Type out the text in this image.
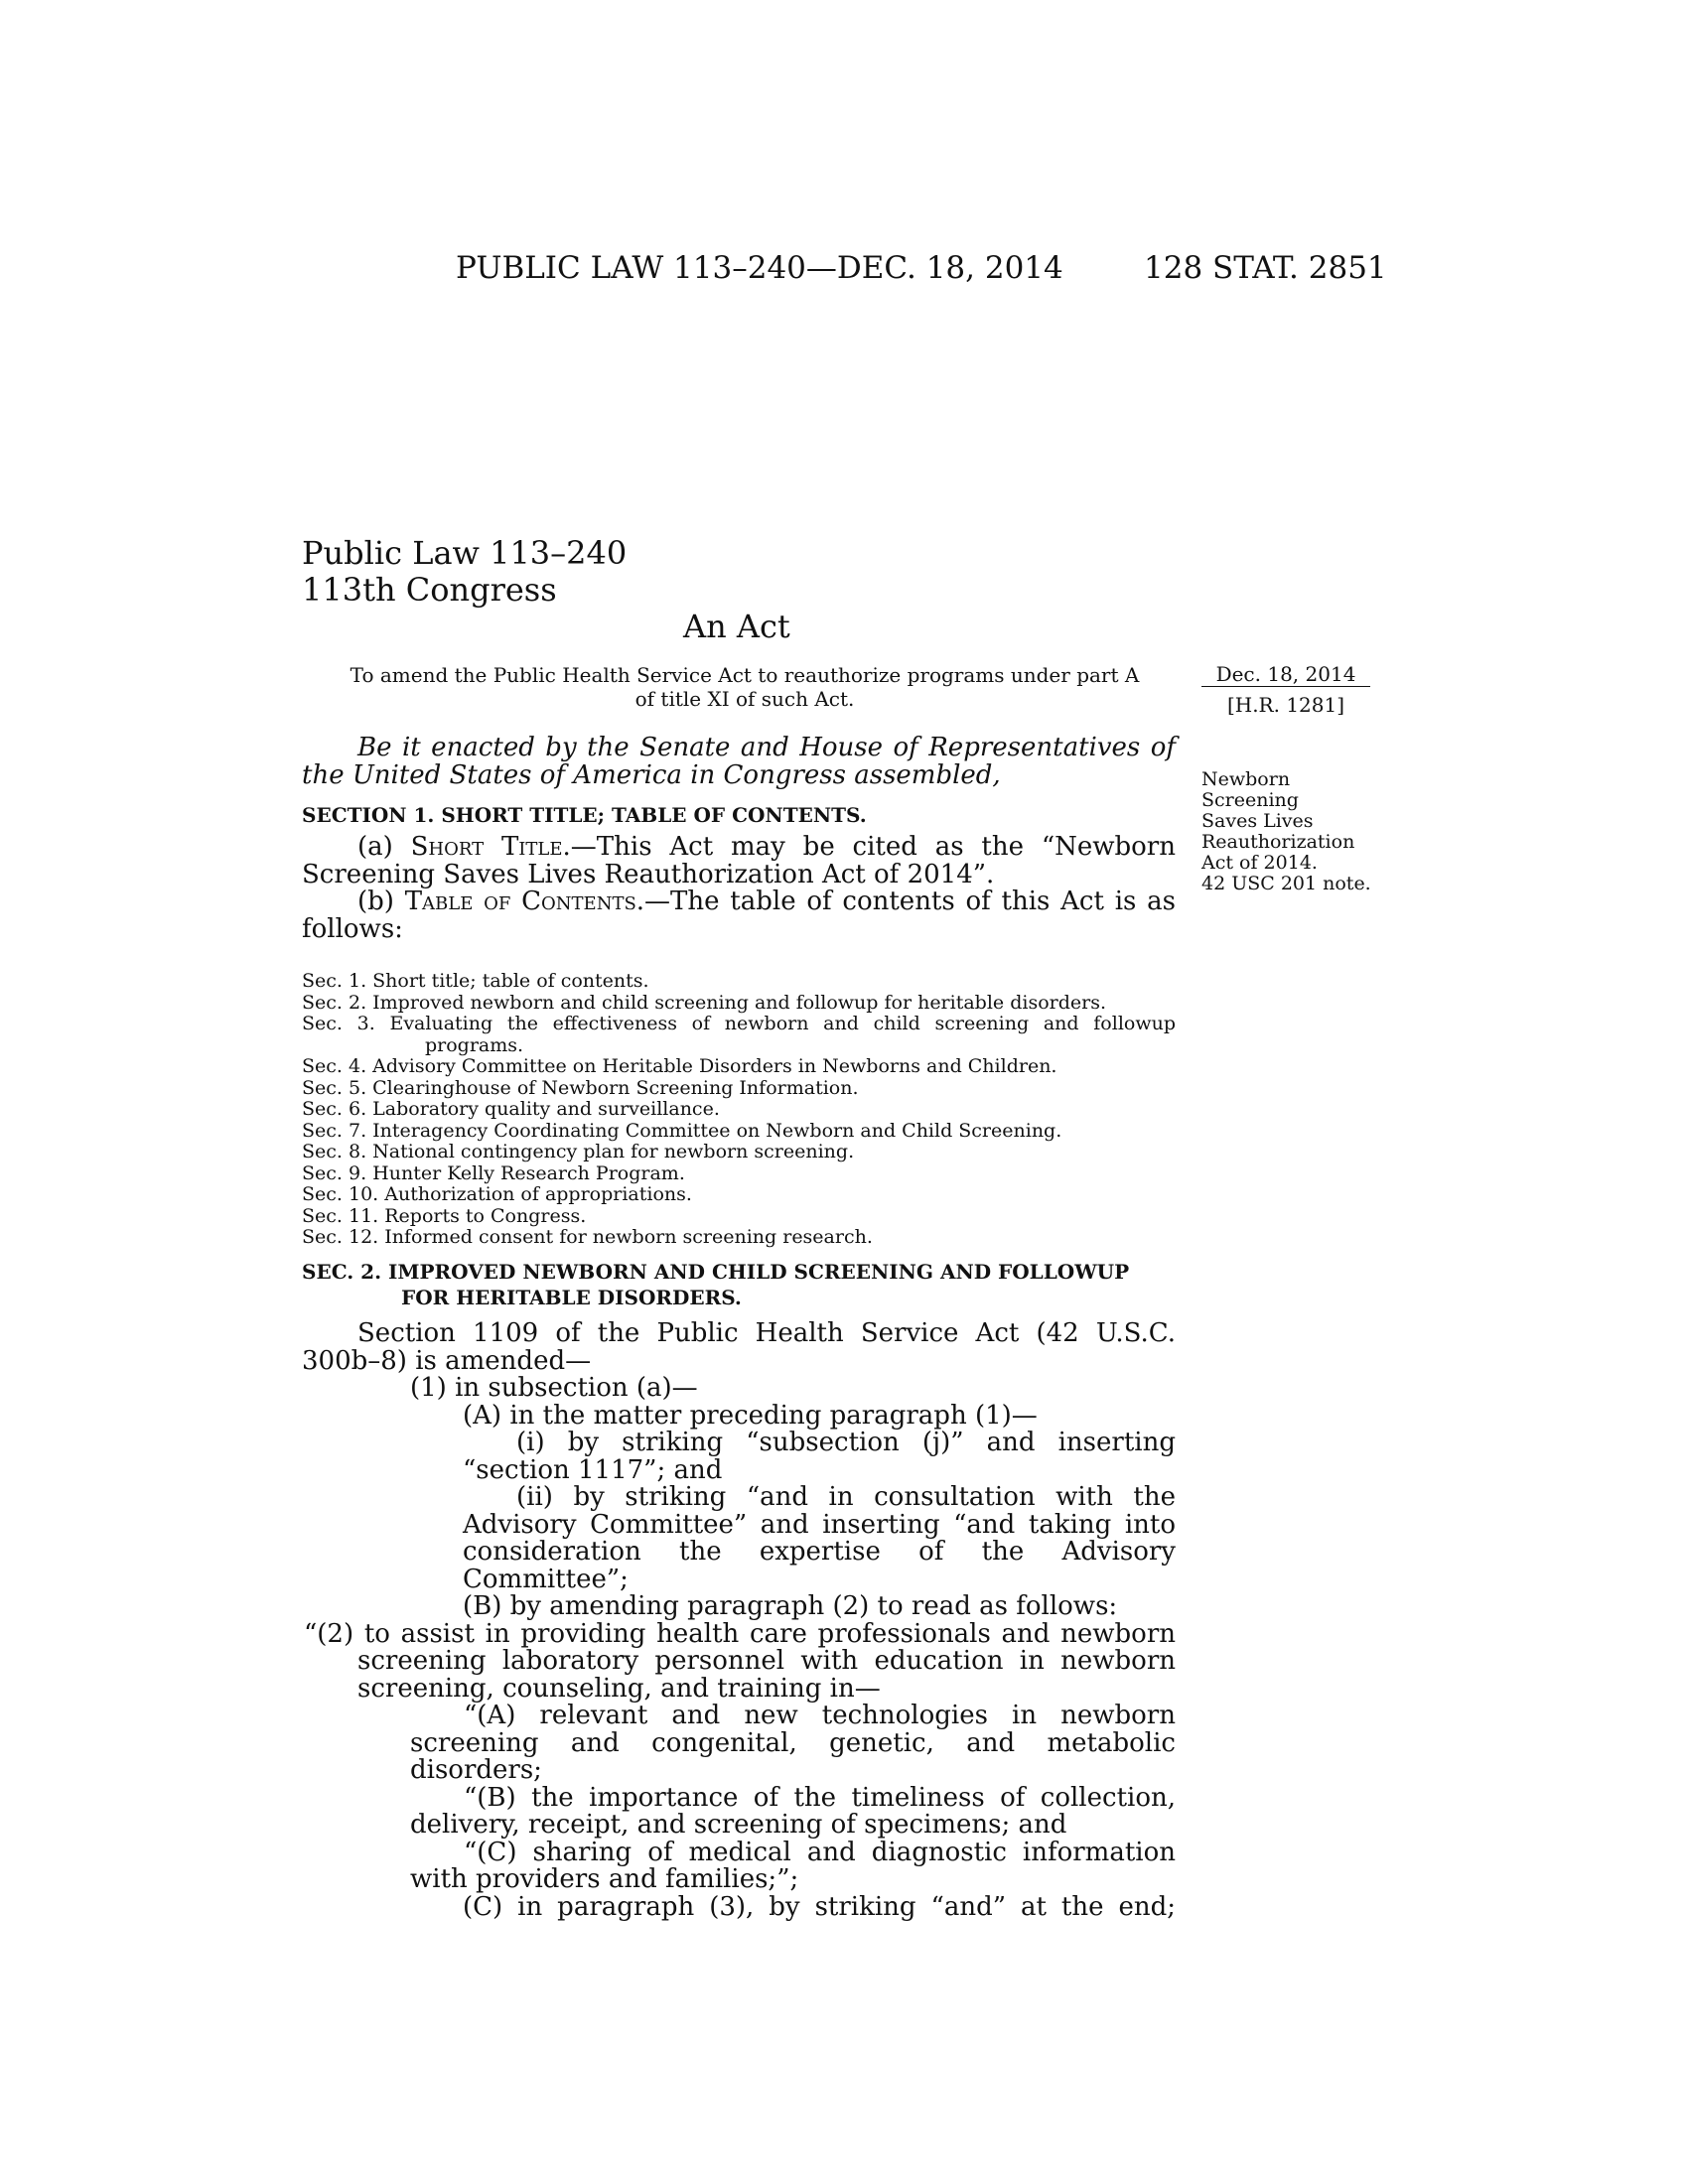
PUBLIC LAW 113–240—DEC. 18, 2014	128 STAT. 2851
Public Law 113–240
113th Congress
An Act
To amend the Public Health Service Act to reauthorize programs under part A of title XI of such Act.
Dec. 18, 2014
[H.R. 1281]
Be it enacted by the Senate and House of Representatives of the United States of America in Congress assembled,	Newborn
Screening
Saves Lives
Reauthorization
Act of 2014.
42 USC 201 note.
SECTION 1. SHORT TITLE; TABLE OF CONTENTS.

(a) Short Title.—This Act may be cited as the “Newborn Screening Saves Lives Reauthorization Act of 2014”.

(b) Table of Contents.—The table of contents of this Act is as follows:

Sec. 1. Short title; table of contents.
Sec. 2. Improved newborn and child screening and followup for heritable disorders.
Sec. 3. Evaluating the effectiveness of newborn and child screening and followup
programs.
Sec. 4. Advisory Committee on Heritable Disorders in Newborns and Children.
Sec. 5. Clearinghouse of Newborn Screening Information.
Sec. 6. Laboratory quality and surveillance.
Sec. 7. Interagency Coordinating Committee on Newborn and Child Screening.
Sec. 8. National contingency plan for newborn screening.
Sec. 9. Hunter Kelly Research Program.
Sec. 10. Authorization of appropriations.
Sec. 11. Reports to Congress.
Sec. 12. Informed consent for newborn screening research.
SEC. 2. IMPROVED NEWBORN AND CHILD SCREENING AND FOLLOWUP
FOR HERITABLE DISORDERS.

Section 1109 of the Public Health Service Act (42 U.S.C. 300b–8) is amended—

(1) in subsection (a)—

(A) in the matter preceding paragraph (1)—

(i) by striking “subsection (j)” and inserting “section 1117”; and

(ii) by striking “and in consultation with the Advisory Committee” and inserting “and taking into consideration the expertise of the Advisory Committee”;

(B) by amending paragraph (2) to read as follows:

“(2) to assist in providing health care professionals and newborn screening laboratory personnel with education in newborn screening, counseling, and training in—

“(A) relevant and new technologies in newborn screening and congenital, genetic, and metabolic disorders;

“(B) the importance of the timeliness of collection, delivery, receipt, and screening of specimens; and

“(C) sharing of medical and diagnostic information with providers and families;”;

(C) in paragraph (3), by striking “and” at the end;
